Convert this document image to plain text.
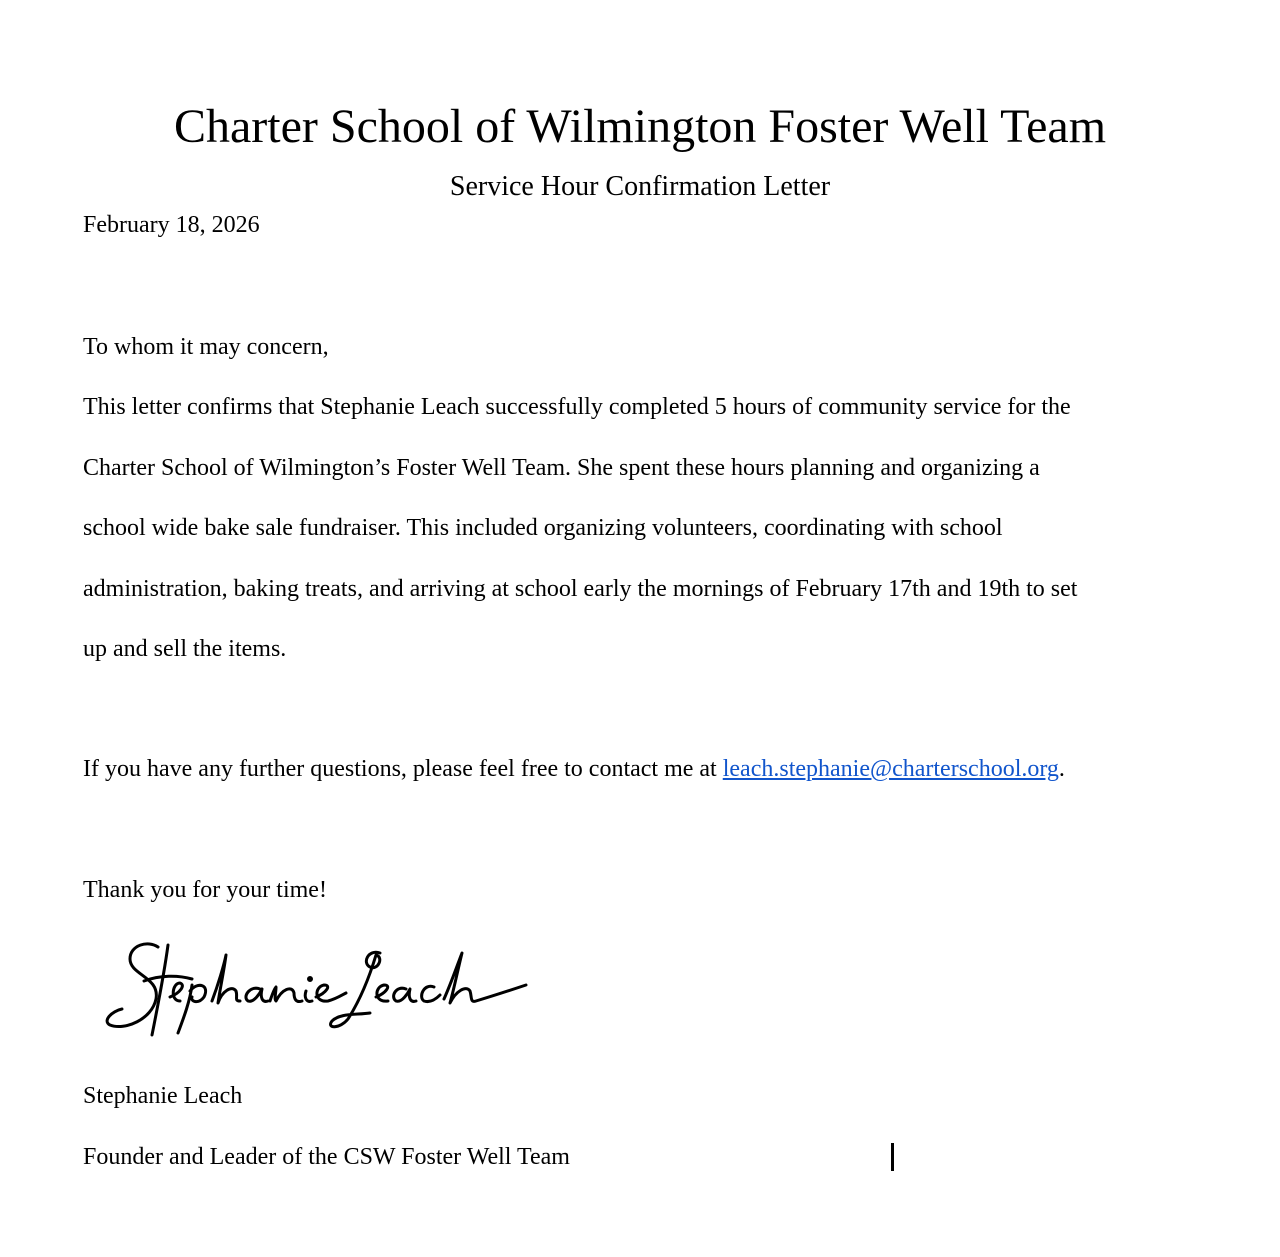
Charter School of Wilmington Foster Well Team
Service Hour Confirmation Letter

February 18, 2026

To whom it may concern,

This letter confirms that Stephanie Leach successfully completed 5 hours of community service for the

Charter School of Wilmington’s Foster Well Team. She spent these hours planning and organizing a

school wide bake sale fundraiser. This included organizing volunteers, coordinating with school

administration, baking treats, and arriving at school early the mornings of February 17th and 19th to set

up and sell the items.

If you have any further questions, please feel free to contact me at leach.stephanie@charterschool.org.

Thank you for your time!

Stephanie Leach

Founder and Leader of the CSW Foster Well Team
